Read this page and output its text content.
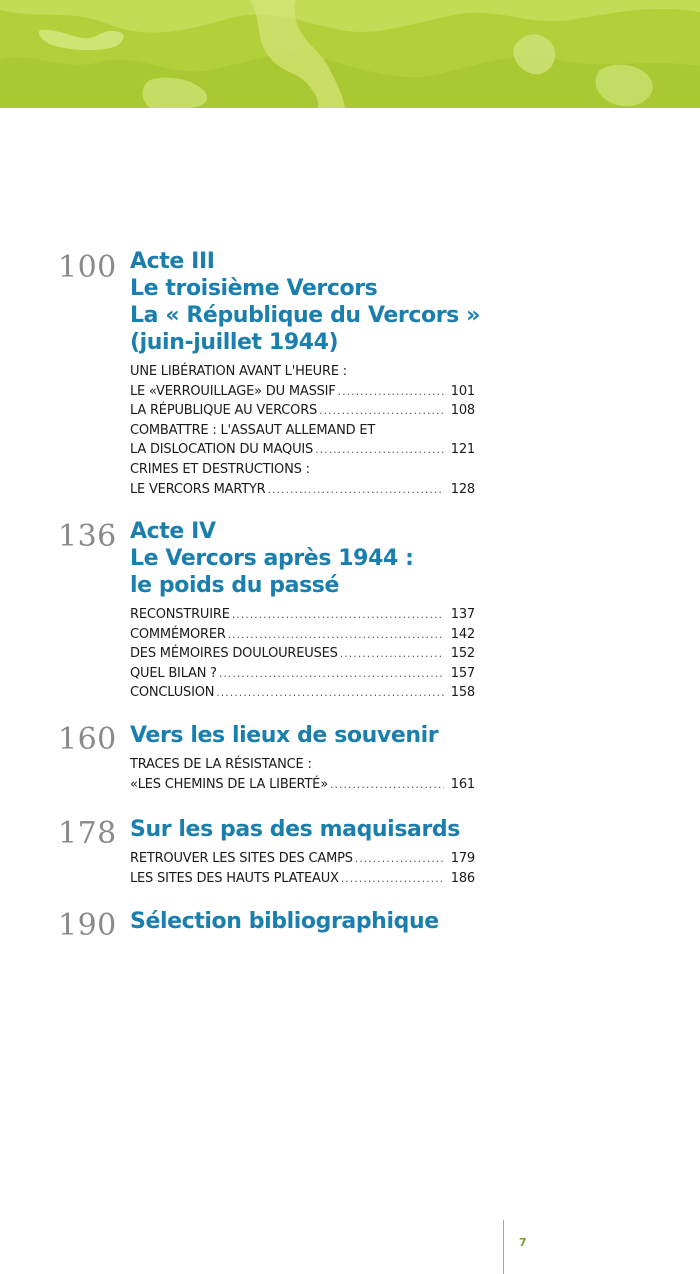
100 Acte III
Le troisième Vercors
La « République du Vercors »
(juin-juillet 1944)
UNE LIBÉRATION AVANT L'HEURE :
LE «VERROUILLAGE» DU MASSIF .....	101
LA RÉPUBLIQUE AU VERCORS .....	108
COMBATTRE : L'ASSAUT ALLEMAND ET
LA DISLOCATION DU MAQUIS .....	121
CRIMES ET DESTRUCTIONS :
LE VERCORS MARTYR .....	128
136 Acte IV
Le Vercors après 1944 :
le poids du passé
RECONSTRUIRE .....	137
COMMÉMORER .....	142
DES MÉMOIRES DOULOUREUSES .....	152
QUEL BILAN ? .....	157
CONCLUSION .....	158
160 Vers les lieux de souvenir
TRACES DE LA RÉSISTANCE :
«LES CHEMINS DE LA LIBERTÉ» .....	161
178 Sur les pas des maquisards
RETROUVER LES SITES DES CAMPS .....	179
LES SITES DES HAUTS PLATEAUX .....	186
190 Sélection bibliographique
7
